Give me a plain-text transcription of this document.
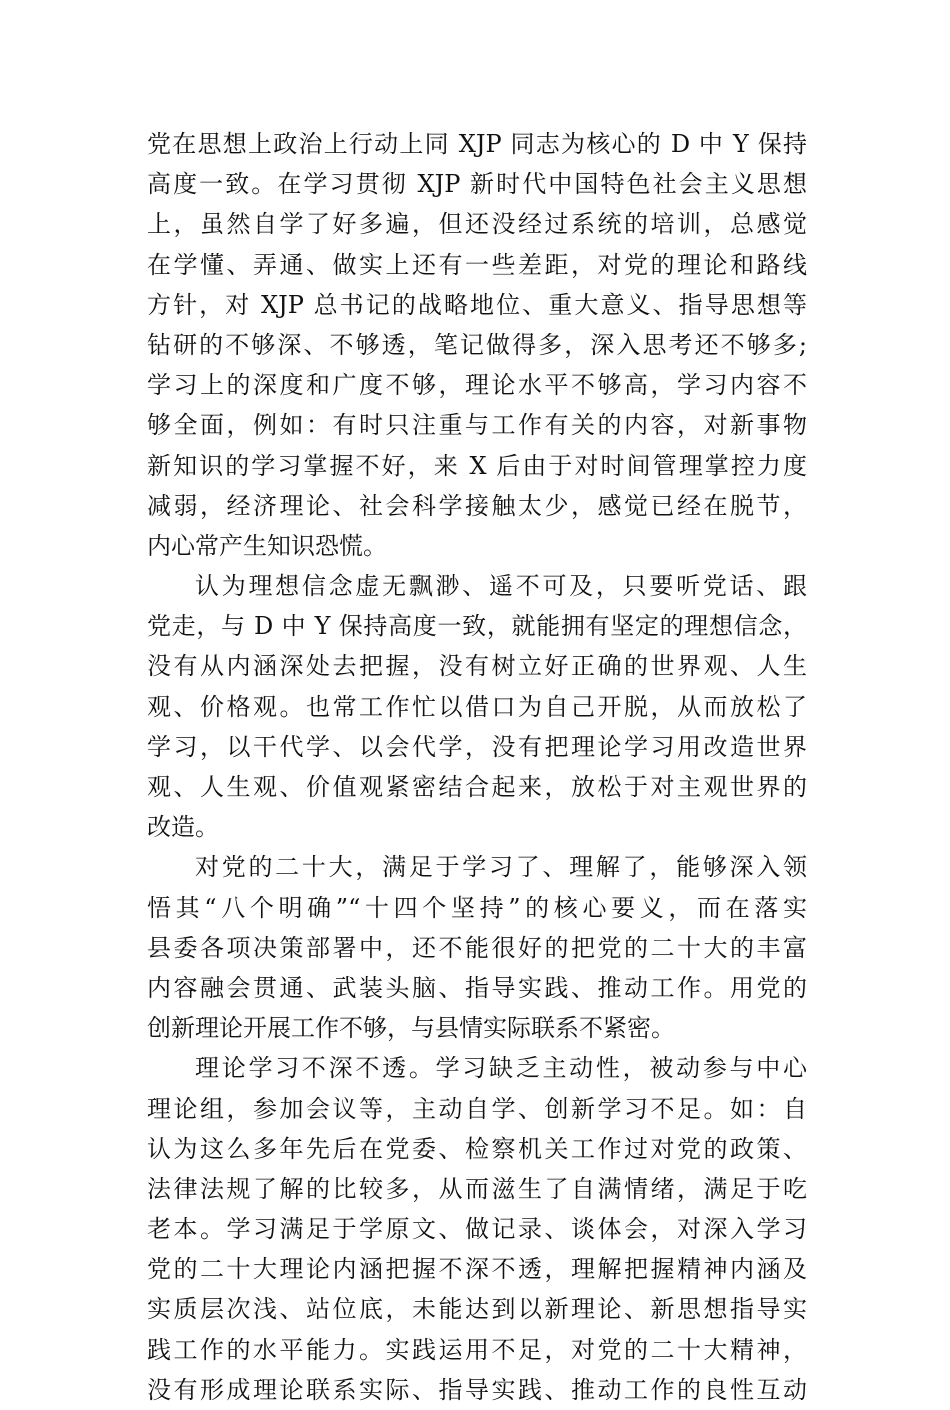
党在思想上政治上行动上同 XJP 同志为核心的 D 中 Y 保持
高度一致。在学习贯彻 XJP 新时代中国特色社会主义思想
上，虽然自学了好多遍，但还没经过系统的培训，总感觉
在学懂、弄通、做实上还有一些差距，对党的理论和路线
方针，对 XJP 总书记的战略地位、重大意义、指导思想等
钻研的不够深、不够透，笔记做得多，深入思考还不够多;
学习上的深度和广度不够，理论水平不够高，学习内容不
够全面，例如：有时只注重与工作有关的内容，对新事物
新知识的学习掌握不好，来 X 后由于对时间管理掌控力度
减弱，经济理论、社会科学接触太少，感觉已经在脱节，
内心常产生知识恐慌。
认为理想信念虚无飘渺、遥不可及，只要听党话、跟
党走，与 D 中 Y 保持高度一致，就能拥有坚定的理想信念，
没有从内涵深处去把握，没有树立好正确的世界观、人生
观、价格观。也常工作忙以借口为自己开脱，从而放松了
学习，以干代学、以会代学，没有把理论学习用改造世界
观、人生观、价值观紧密结合起来，放松于对主观世界的
改造。
对党的二十大，满足于学习了、理解了，能够深入领
悟其“八个明确”“十四个坚持”的核心要义，而在落实
县委各项决策部署中，还不能很好的把党的二十大的丰富
内容融会贯通、武装头脑、指导实践、推动工作。用党的
创新理论开展工作不够，与县情实际联系不紧密。
理论学习不深不透。学习缺乏主动性，被动参与中心
理论组，参加会议等，主动自学、创新学习不足。如：自
认为这么多年先后在党委、检察机关工作过对党的政策、
法律法规了解的比较多，从而滋生了自满情绪，满足于吃
老本。学习满足于学原文、做记录、谈体会，对深入学习
党的二十大理论内涵把握不深不透，理解把握精神内涵及
实质层次浅、站位底，未能达到以新理论、新思想指导实
践工作的水平能力。实践运用不足，对党的二十大精神，
没有形成理论联系实际、指导实践、推动工作的良性互动
